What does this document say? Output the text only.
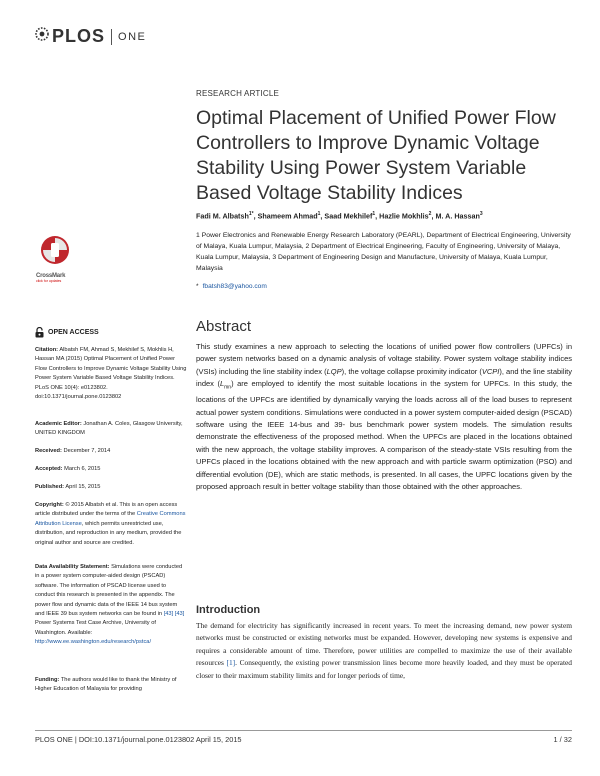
PLOS ONE
RESEARCH ARTICLE
Optimal Placement of Unified Power Flow Controllers to Improve Dynamic Voltage Stability Using Power System Variable Based Voltage Stability Indices
Fadi M. Albatsh$^{1*}$, Shameem Ahmad$^1$, Saad Mekhilef$^1$, Hazlie Mokhlis$^2$, M. A. Hassan$^3$
1 Power Electronics and Renewable Energy Research Laboratory (PEARL), Department of Electrical Engineering, University of Malaya, Kuala Lumpur, Malaysia, 2 Department of Electrical Engineering, Faculty of Engineering, University of Malaya, Kuala Lumpur, Malaysia, 3 Department of Engineering Design and Manufacture, University of Malaya, Kuala Lumpur, Malaysia
* fbatsh83@yahoo.com
Abstract
This study examines a new approach to selecting the locations of unified power flow controllers (UPFCs) in power system networks based on a dynamic analysis of voltage stability. Power system voltage stability indices (VSIs) including the line stability index (LQP), the voltage collapse proximity indicator (VCPI), and the line stability index $(L_{mn})$ are employed to identify the most suitable locations in the system for UPFCs. In this study, the locations of the UPFCs are identified by dynamically varying the loads across all of the load buses to represent actual power system conditions. Simulations were conducted in a power system computer-aided design (PSCAD) software using the IEEE 14-bus and 39- bus benchmark power system models. The simulation results demonstrate the effectiveness of the proposed method. When the UPFCs are placed in the locations obtained with the new approach, the voltage stability improves. A comparison of the steady-state VSIs resulting from the UPFCs placed in the locations obtained with the new approach and with particle swarm optimization (PSO) and differential evolution (DE), which are static methods, is presented. In all cases, the UPFC locations given by the proposed approach result in better voltage stability than those obtained with the other approaches.
Introduction
The demand for electricity has significantly increased in recent years. To meet the increasing demand, new power system networks must be constructed or existing networks must be expanded. However, developing new systems is expensive and requires a considerable amount of time. Therefore, power utilities are compelled to maximize the use of their available resources [1]. Consequently, the existing power transmission lines become more heavily loaded, and they must be operated closer to their maximum stability limits and for longer periods of time,
CrossMark
click for updates
OPEN ACCESS
Citation: Albatsh FM, Ahmad S, Mekhilef S, Mokhlis H, Hassan MA (2015) Optimal Placement of Unified Power Flow Controllers to Improve Dynamic Voltage Stability Using Power System Variable Based Voltage Stability Indices. PLoS ONE 10(4): e0123802. doi:10.1371/journal.pone.0123802
Academic Editor: Jonathan A. Coles, Glasgow University, UNITED KINGDOM
Received: December 7, 2014
Accepted: March 6, 2015
Published: April 15, 2015
Copyright: © 2015 Albatsh et al. This is an open access article distributed under the terms of the Creative Commons Attribution License, which permits unrestricted use, distribution, and reproduction in any medium, provided the original author and source are credited.
Data Availability Statement: Simulations were conducted in a power system computer-aided design (PSCAD) software. The information of PSCAD license used to conduct this research is presented in the appendix. The power flow and dynamic data of the IEEE 14 bus system and IEEE 39 bus system networks can be found in [43] [43] Power Systems Test Case Archive, University of Washington. Available: http://www.ee.washington.edu/research/pstca/
Funding: The authors would like to thank the Ministry of Higher Education of Malaysia for providing
PLOS ONE | DOI:10.1371/journal.pone.0123802 April 15, 2015	1 / 32
